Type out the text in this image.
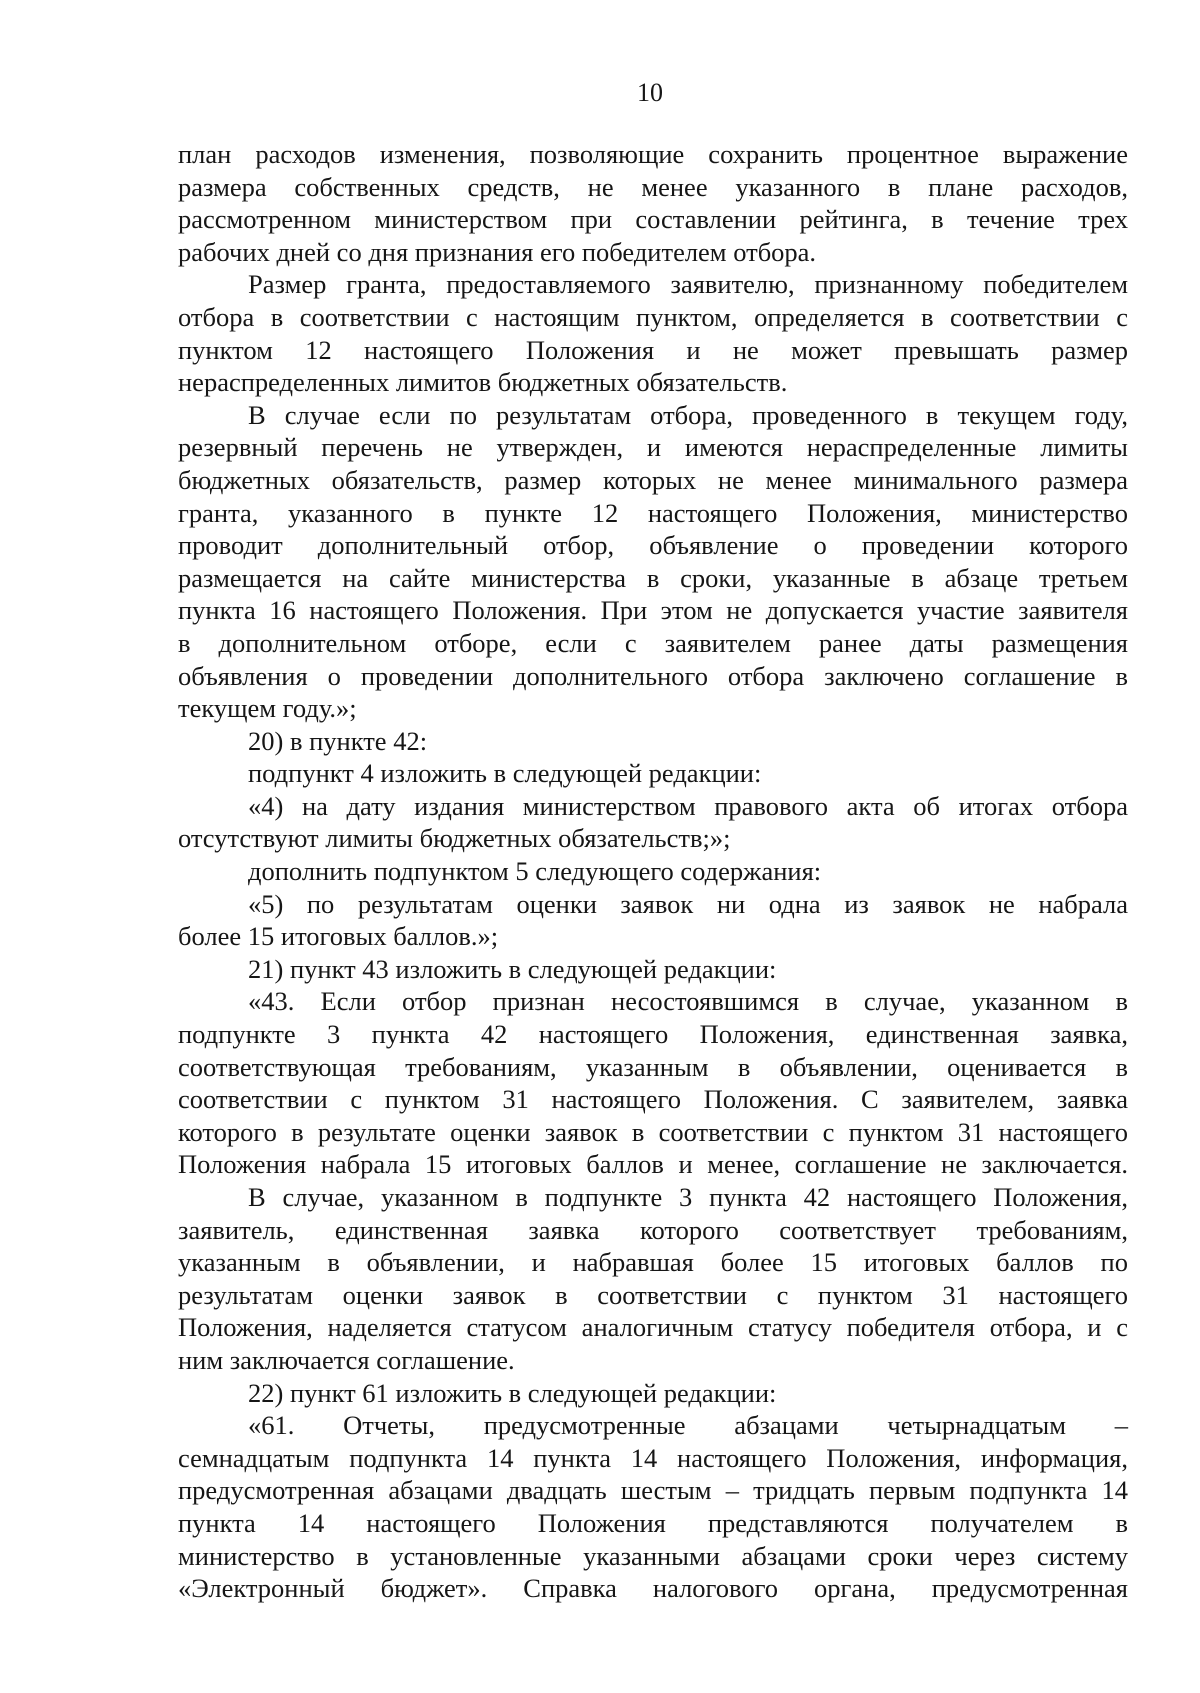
10
план расходов изменения, позволяющие сохранить процентное выражение
размера собственных средств, не менее указанного в плане расходов,
рассмотренном министерством при составлении рейтинга, в течение трех
рабочих дней со дня признания его победителем отбора.
Размер гранта, предоставляемого заявителю, признанному победителем
отбора в соответствии с настоящим пунктом, определяется в соответствии с
пунктом 12 настоящего Положения и не может превышать размер
нераспределенных лимитов бюджетных обязательств.
В случае если по результатам отбора, проведенного в текущем году,
резервный перечень не утвержден, и имеются нераспределенные лимиты
бюджетных обязательств, размер которых не менее минимального размера
гранта, указанного в пункте 12 настоящего Положения, министерство
проводит дополнительный отбор, объявление о проведении которого
размещается на сайте министерства в сроки, указанные в абзаце третьем
пункта 16 настоящего Положения. При этом не допускается участие заявителя
в дополнительном отборе, если с заявителем ранее даты размещения
объявления о проведении дополнительного отбора заключено соглашение в
текущем году.»;
20) в пункте 42:
подпункт 4 изложить в следующей редакции:
«4) на дату издания министерством правового акта об итогах отбора
отсутствуют лимиты бюджетных обязательств;»;
дополнить подпунктом 5 следующего содержания:
«5) по результатам оценки заявок ни одна из заявок не набрала
более 15 итоговых баллов.»;
21) пункт 43 изложить в следующей редакции:
«43. Если отбор признан несостоявшимся в случае, указанном в
подпункте 3 пункта 42 настоящего Положения, единственная заявка,
соответствующая требованиям, указанным в объявлении, оценивается в
соответствии с пунктом 31 настоящего Положения. С заявителем, заявка
которого в результате оценки заявок в соответствии с пунктом 31 настоящего
Положения набрала 15 итоговых баллов и менее, соглашение не заключается.
В случае, указанном в подпункте 3 пункта 42 настоящего Положения,
заявитель, единственная заявка которого соответствует требованиям,
указанным в объявлении, и набравшая более 15 итоговых баллов по
результатам оценки заявок в соответствии с пунктом 31 настоящего
Положения, наделяется статусом аналогичным статусу победителя отбора, и с
ним заключается соглашение.
22) пункт 61 изложить в следующей редакции:
«61. Отчеты, предусмотренные абзацами четырнадцатым –
семнадцатым подпункта 14 пункта 14 настоящего Положения, информация,
предусмотренная абзацами двадцать шестым – тридцать первым подпункта 14
пункта 14 настоящего Положения представляются получателем в
министерство в установленные указанными абзацами сроки через систему
«Электронный бюджет». Справка налогового органа, предусмотренная
